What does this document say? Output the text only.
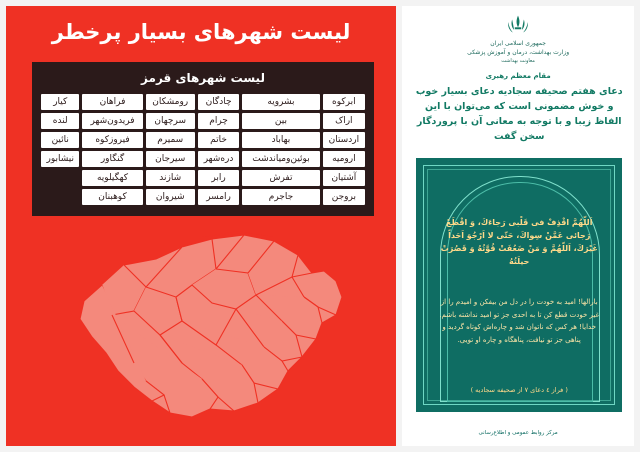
لیست شهرهای بسیار پرخطر
لیست شهرهای قرمز
ابرکوه	بشرویه	چادگان	رومشکان	فراهان	کیار
اراک	بین	چرام	سرچهان	فریدون‌شهر	لنده
اردستان	بهاباد	خاتم	سمیرم	فیروزکوه	نائین
ارومیه	بوئین‌ومیاندشت	دره‌شهر	سیرجان	گنگاور	نیشابور
آشتیان	تفرش	رابر	شازند	کهگیلویه	
بروجن	جاجرم	رامسر	شیروان	کوهبنان	
جمهوری اسلامی ایران
وزارت بهداشت، درمان و آموزش پزشکی
معاونت بهداشت
مقام معظم رهبری
دعای هفتم صحیفه سجادیه دعای بسیار خوب و خوش مضمونی است که می‌توان با این الفاظ زیبا و با توجه به معانی آن با پروردگار سخن گفت
اَللّهُمَّ اقْذِفْ فی قَلْبی رَجاءَكَ، وَ اقْطَعْ رَجائی عَمَّنْ سِواكَ، حَتّى لا اَرْجُوَ اَحَداً غَیْرَكَ، اَللّهُمَّ وَ مَنْ ضَعُفَتْ قُوَّتُهُ وَ قَصُرَتْ حیلَتُهُ
بارالها! امید به خودت را در دل من بیفکن و امیدم را از غیر خودت قطع کن تا به احدی جز تو امید نداشته باشم. خدایا! هر کس که ناتوان شد و چاره‌اش کوتاه گردید و پناهی جز تو نیافت، پناهگاه و چاره او تویی.
( فراز ٤ دعای ٧ از صحیفه سجادیه )
مرکز روابط عمومی و اطلاع‌رسانی
